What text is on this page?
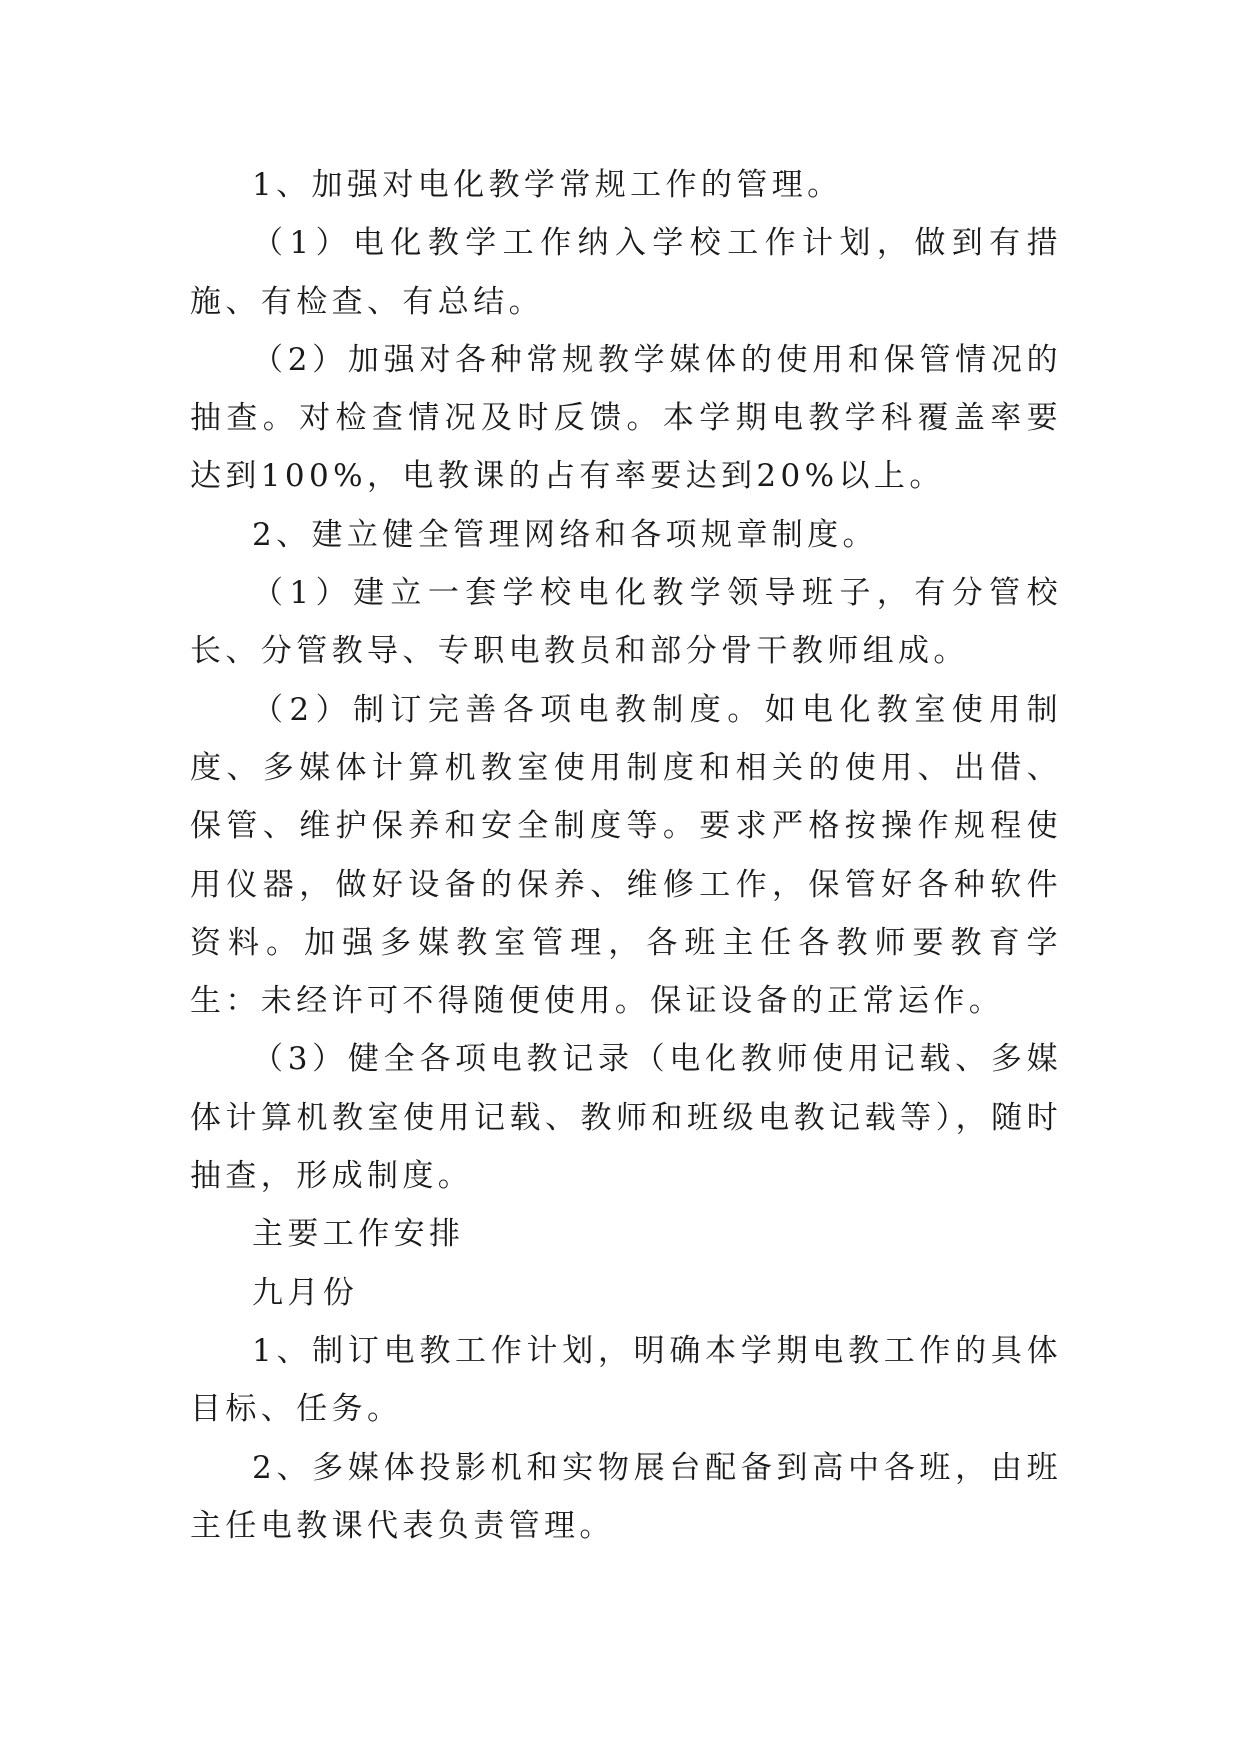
1、加强对电化教学常规工作的管理。

（1）电化教学工作纳入学校工作计划，做到有措施、有检查、有总结。

（2）加强对各种常规教学媒体的使用和保管情况的抽查。对检查情况及时反馈。本学期电教学科覆盖率要达到100%，电教课的占有率要达到20%以上。

2、建立健全管理网络和各项规章制度。

（1）建立一套学校电化教学领导班子，有分管校长、分管教导、专职电教员和部分骨干教师组成。

（2）制订完善各项电教制度。如电化教室使用制度、多媒体计算机教室使用制度和相关的使用、出借、保管、维护保养和安全制度等。要求严格按操作规程使用仪器，做好设备的保养、维修工作，保管好各种软件资料。加强多媒教室管理，各班主任各教师要教育学生：未经许可不得随便使用。保证设备的正常运作。

（3）健全各项电教记录（电化教师使用记载、多媒体计算机教室使用记载、教师和班级电教记载等），随时抽查，形成制度。

主要工作安排

九月份

1、制订电教工作计划，明确本学期电教工作的具体目标、任务。

2、多媒体投影机和实物展台配备到高中各班，由班主任电教课代表负责管理。
